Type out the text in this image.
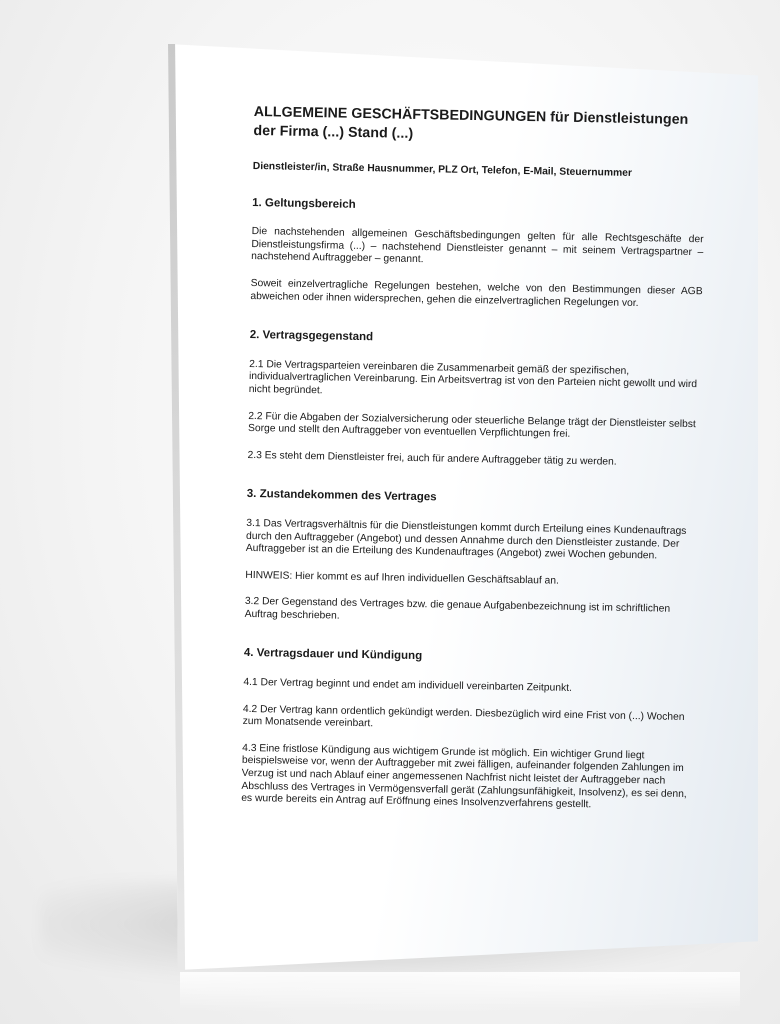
ALLGEMEINE GESCHÄFTSBEDINGUNGEN für Dienstleistungen der Firma (...) Stand (...)
Dienstleister/in, Straße Hausnummer, PLZ Ort, Telefon, E-Mail, Steuernummer
1. Geltungsbereich
Die nachstehenden allgemeinen Geschäftsbedingungen gelten für alle Rechtsgeschäfte der Dienstleistungsfirma (...) – nachstehend Dienstleister genannt – mit seinem Vertragspartner – nachstehend Auftraggeber – genannt.
Soweit einzelvertragliche Regelungen bestehen, welche von den Bestimmungen dieser AGB abweichen oder ihnen widersprechen, gehen die einzelvertraglichen Regelungen vor.
2. Vertragsgegenstand
2.1 Die Vertragsparteien vereinbaren die Zusammenarbeit gemäß der spezifischen, individualvertraglichen Vereinbarung. Ein Arbeitsvertrag ist von den Parteien nicht gewollt und wird nicht begründet.
2.2 Für die Abgaben der Sozialversicherung oder steuerliche Belange trägt der Dienstleister selbst Sorge und stellt den Auftraggeber von eventuellen Verpflichtungen frei.
2.3 Es steht dem Dienstleister frei, auch für andere Auftraggeber tätig zu werden.
3. Zustandekommen des Vertrages
3.1 Das Vertragsverhältnis für die Dienstleistungen kommt durch Erteilung eines Kundenauftrags durch den Auftraggeber (Angebot) und dessen Annahme durch den Dienstleister zustande. Der Auftraggeber ist an die Erteilung des Kundenauftrages (Angebot) zwei Wochen gebunden.
HINWEIS: Hier kommt es auf Ihren individuellen Geschäftsablauf an.
3.2 Der Gegenstand des Vertrages bzw. die genaue Aufgabenbezeichnung ist im schriftlichen Auftrag beschrieben.
4. Vertragsdauer und Kündigung
4.1 Der Vertrag beginnt und endet am individuell vereinbarten Zeitpunkt.
4.2 Der Vertrag kann ordentlich gekündigt werden. Diesbezüglich wird eine Frist von (...) Wochen zum Monatsende vereinbart.
4.3 Eine fristlose Kündigung aus wichtigem Grunde ist möglich. Ein wichtiger Grund liegt beispielsweise vor, wenn der Auftraggeber mit zwei fälligen, aufeinander folgenden Zahlungen im Verzug ist und nach Ablauf einer angemessenen Nachfrist nicht leistet der Auftraggeber nach Abschluss des Vertrages in Vermögensverfall gerät (Zahlungsunfähigkeit, Insolvenz), es sei denn, es wurde bereits ein Antrag auf Eröffnung eines Insolvenzverfahrens gestellt.
